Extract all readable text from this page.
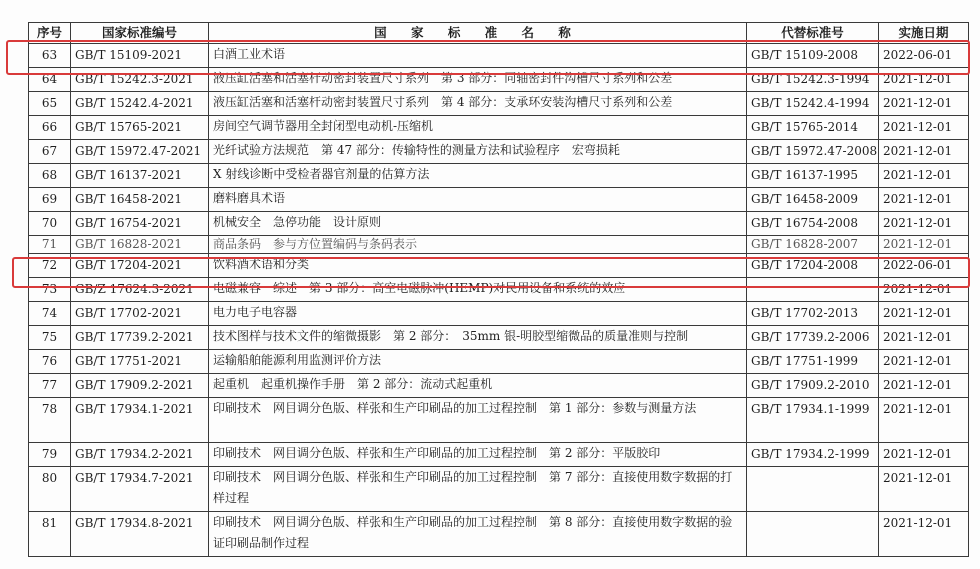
序号	国家标准编号	国 家 标 准 名 称	代替标准号	实施日期
63	GB/T 15109-2021	白酒工业术语	GB/T 15109-2008	2022-06-01
64	GB/T 15242.3-2021	液压缸活塞和活塞杆动密封装置尺寸系列　第 3 部分：同轴密封件沟槽尺寸系列和公差	GB/T 15242.3-1994	2021-12-01
65	GB/T 15242.4-2021	液压缸活塞和活塞杆动密封装置尺寸系列　第 4 部分：支承环安装沟槽尺寸系列和公差	GB/T 15242.4-1994	2021-12-01
66	GB/T 15765-2021	房间空气调节器用全封闭型电动机-压缩机	GB/T 15765-2014	2021-12-01
67	GB/T 15972.47-2021	光纤试验方法规范　第 47 部分：传输特性的测量方法和试验程序　宏弯损耗	GB/T 15972.47-2008	2021-12-01
68	GB/T 16137-2021	X 射线诊断中受检者器官剂量的估算方法	GB/T 16137-1995	2021-12-01
69	GB/T 16458-2021	磨料磨具术语	GB/T 16458-2009	2021-12-01
70	GB/T 16754-2021	机械安全　急停功能　设计原则	GB/T 16754-2008	2021-12-01
71	GB/T 16828-2021	商品条码　参与方位置编码与条码表示	GB/T 16828-2007	2021-12-01
72	GB/T 17204-2021	饮料酒术语和分类	GB/T 17204-2008	2022-06-01
73	GB/Z 17624.3-2021	电磁兼容　综述　第 3 部分：高空电磁脉冲(HEMP)对民用设备和系统的效应		2021-12-01
74	GB/T 17702-2021	电力电子电容器	GB/T 17702-2013	2021-12-01
75	GB/T 17739.2-2021	技术图样与技术文件的缩微摄影　第 2 部分：　35mm 银-明胶型缩微品的质量准则与控制	GB/T 17739.2-2006	2021-12-01
76	GB/T 17751-2021	运输船舶能源利用监测评价方法	GB/T 17751-1999	2021-12-01
77	GB/T 17909.2-2021	起重机　起重机操作手册　第 2 部分：流动式起重机	GB/T 17909.2-2010	2021-12-01
78	GB/T 17934.1-2021	印刷技术　网目调分色版、样张和生产印刷品的加工过程控制　第 1 部分：参数与测量方法	GB/T 17934.1-1999	2021-12-01
79	GB/T 17934.2-2021	印刷技术　网目调分色版、样张和生产印刷品的加工过程控制　第 2 部分：平版胶印	GB/T 17934.2-1999	2021-12-01
80	GB/T 17934.7-2021	印刷技术　网目调分色版、样张和生产印刷品的加工过程控制　第 7 部分：直接使用数字数据的打样过程		2021-12-01
81	GB/T 17934.8-2021	印刷技术　网目调分色版、样张和生产印刷品的加工过程控制　第 8 部分：直接使用数字数据的验证印刷品制作过程		2021-12-01
